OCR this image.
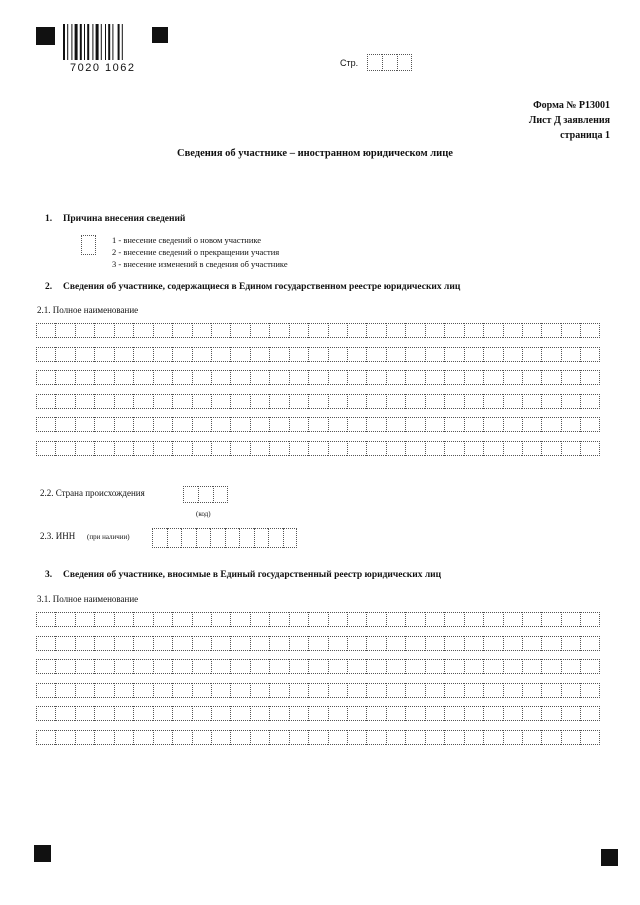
7020 1062	Стр.
Форма № Р13001
Лист Д заявления
страница 1
Сведения об участнике – иностранном юридическом лице
1. Причина внесения сведений
1 - внесение сведений о новом участнике
2 - внесение сведений о прекращении участия
3 - внесение изменений в сведения об участнике
2. Сведения об участнике, содержащиеся в Едином государственном реестре юридических лиц
2.1. Полное наименование
2.2. Страна происхождения
(код)
2.3. ИНН (при наличии)
3. Сведения об участнике, вносимые в Единый государственный реестр юридических лиц
3.1. Полное наименование
